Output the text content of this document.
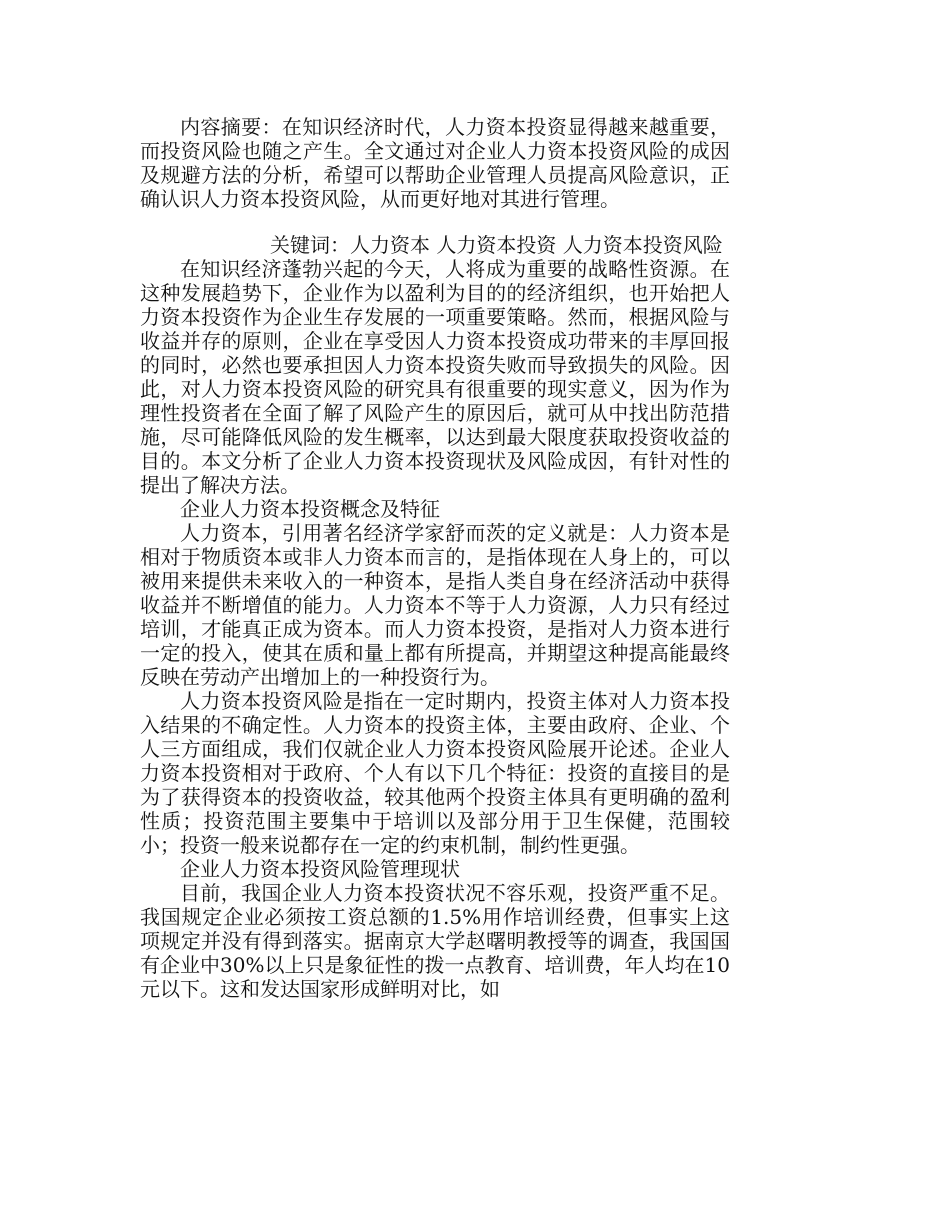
内容摘要：在知识经济时代，人力资本投资显得越来越重要，而投资风险也随之产生。全文通过对企业人力资本投资风险的成因及规避方法的分析，希望可以帮助企业管理人员提高风险意识，正确认识人力资本投资风险，从而更好地对其进行管理。

关键词：人力资本 人力资本投资 人力资本投资风险

在知识经济蓬勃兴起的今天，人将成为重要的战略性资源。在这种发展趋势下，企业作为以盈利为目的的经济组织，也开始把人力资本投资作为企业生存发展的一项重要策略。然而，根据风险与收益并存的原则，企业在享受因人力资本投资成功带来的丰厚回报的同时，必然也要承担因人力资本投资失败而导致损失的风险。因此，对人力资本投资风险的研究具有很重要的现实意义，因为作为理性投资者在全面了解了风险产生的原因后，就可从中找出防范措施，尽可能降低风险的发生概率，以达到最大限度获取投资收益的目的。本文分析了企业人力资本投资现状及风险成因，有针对性的提出了解决方法。

企业人力资本投资概念及特征

人力资本，引用著名经济学家舒而茨的定义就是：人力资本是相对于物质资本或非人力资本而言的，是指体现在人身上的，可以被用来提供未来收入的一种资本，是指人类自身在经济活动中获得收益并不断增值的能力。人力资本不等于人力资源，人力只有经过培训，才能真正成为资本。而人力资本投资，是指对人力资本进行一定的投入，使其在质和量上都有所提高，并期望这种提高能最终反映在劳动产出增加上的一种投资行为。

人力资本投资风险是指在一定时期内，投资主体对人力资本投入结果的不确定性。人力资本的投资主体，主要由政府、企业、个人三方面组成，我们仅就企业人力资本投资风险展开论述。企业人力资本投资相对于政府、个人有以下几个特征：投资的直接目的是为了获得资本的投资收益，较其他两个投资主体具有更明确的盈利性质；投资范围主要集中于培训以及部分用于卫生保健，范围较小；投资一般来说都存在一定的约束机制，制约性更强。

企业人力资本投资风险管理现状

目前，我国企业人力资本投资状况不容乐观，投资严重不足。我国规定企业必须按工资总额的1.5%用作培训经费，但事实上这项规定并没有得到落实。据南京大学赵曙明教授等的调查，我国国有企业中30%以上只是象征性的拨一点教育、培训费，年人均在10元以下。这和发达国家形成鲜明对比，如
